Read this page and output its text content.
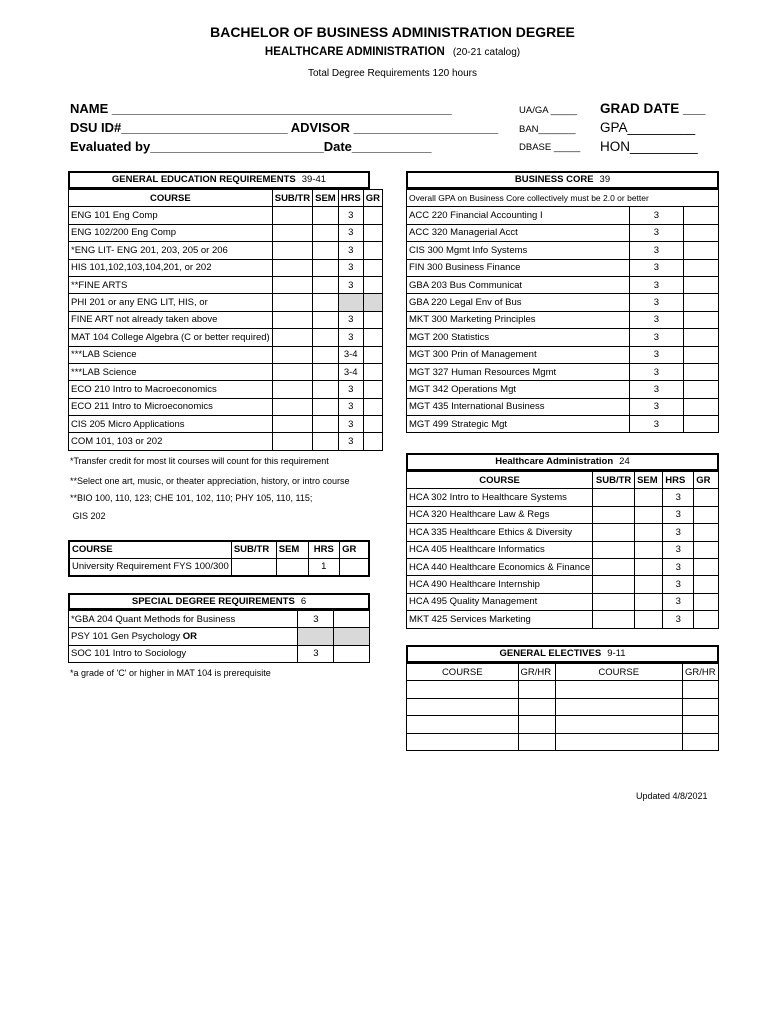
BACHELOR OF BUSINESS ADMINISTRATION DEGREE
HEALTHCARE ADMINISTRATION (20-21 catalog)
Total Degree Requirements 120 hours
NAME _______________________________________________
DSU ID#_______________________ ADVISOR ____________________
Evaluated by________________________Date___________
UA/GA _____
BAN_______
DBASE _____
GRAD DATE ___
GPA_________
HON_________
GENERAL EDUCATION REQUIREMENTS 39-41
COURSE	SUB/TR	SEM	HRS	GR
ENG 101 Eng Comp			3	
ENG 102/200 Eng Comp			3	
*ENG LIT- ENG 201, 203, 205 or 206			3	
HIS 101,102,103,104,201, or 202			3	
**FINE ARTS			3	
PHI 201 or any ENG LIT, HIS, or				
FINE ART not already taken above			3	
MAT 104 College Algebra (C or better required)			3	
***LAB Science			3-4	
***LAB Science			3-4	
ECO 210 Intro to Macroeconomics			3	
ECO 211 Intro to Microeconomics			3	
CIS 205 Micro Applications			3	
COM 101, 103 or 202			3	
*Transfer credit for most lit courses will count for this requirement
**Select one art, music, or theater appreciation, history, or intro course
**BIO 100, 110, 123; CHE 101, 102, 110; PHY 105, 110, 115;
GIS 202
COURSE	SUB/TR	SEM	HRS	GR
University Requirement FYS 100/300			1	
SPECIAL DEGREE REQUIREMENTS 6
*GBA 204 Quant Methods for Business	3	
PSY 101 Gen Psychology OR		
SOC 101 Intro to Sociology	3	
*a grade of 'C' or higher in MAT 104 is prerequisite
BUSINESS CORE 39
Overall GPA on Business Core collectively must be 2.0 or better		
ACC 220 Financial Accounting I	3	
ACC 320 Managerial Acct	3	
CIS 300 Mgmt Info Systems	3	
FIN 300 Business Finance	3	
GBA 203 Bus Communicat	3	
GBA 220 Legal Env of Bus	3	
MKT 300 Marketing Principles	3	
MGT 200 Statistics	3	
MGT 300 Prin of Management	3	
MGT 327 Human Resources Mgmt	3	
MGT 342 Operations Mgt	3	
MGT 435 International Business	3	
MGT 499 Strategic Mgt	3	
Healthcare Administration 24
COURSE	SUB/TR	SEM	HRS	GR
HCA 302 Intro to Healthcare Systems			3	
HCA 320 Healthcare Law & Regs			3	
HCA 335 Healthcare Ethics & Diversity			3	
HCA 405 Healthcare Informatics			3	
HCA 440 Healthcare Economics & Finance			3	
HCA 490 Healthcare Internship			3	
HCA 495 Quality Management			3	
MKT 425 Services Marketing			3	
GENERAL ELECTIVES 9-11
COURSE	GR/HR	COURSE	GR/HR

Updated 4/8/2021
